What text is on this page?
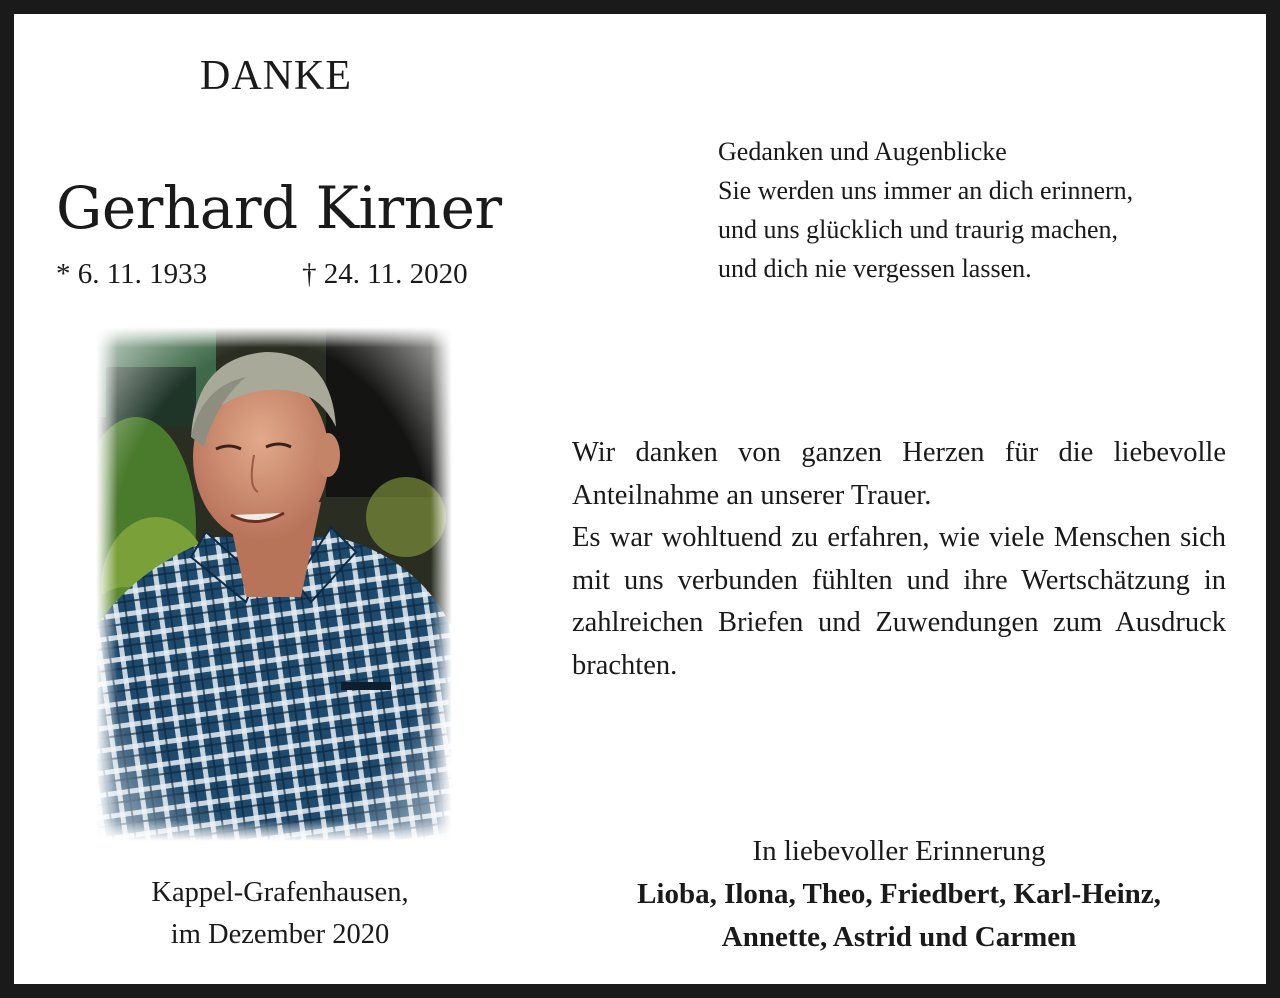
DANKE
Gerhard Kirner
* 6. 11. 1933	† 24. 11. 2020
Gedanken und Augenblicke
Sie werden uns immer an dich erinnern,
und uns glücklich und traurig machen,
und dich nie vergessen lassen.

Wir danken von ganzen Herzen für die liebevolle Anteilnahme an unserer Trauer.

Es war wohltuend zu erfahren, wie viele Menschen sich mit uns verbunden fühlten und ihre Wertschätzung in zahlreichen Briefen und Zuwendungen zum Ausdruck brachten.

Kappel-Grafenhausen,
im Dezember 2020
In liebevoller Erinnerung
Lioba, Ilona, Theo, Friedbert, Karl-Heinz,
Annette, Astrid und Carmen
